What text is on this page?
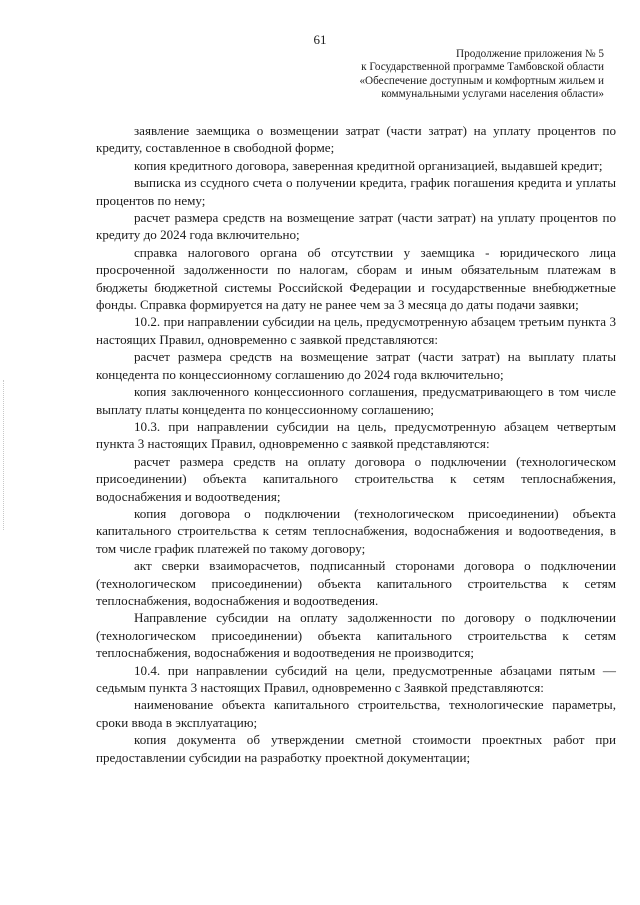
61
Продолжение приложения № 5
к Государственной программе Тамбовской области
«Обеспечение доступным и комфортным жильем и
коммунальными услугами населения области»

заявление заемщика о возмещении затрат (части затрат) на уплату процентов по кредиту, составленное в свободной форме;

копия кредитного договора, заверенная кредитной организацией, выдавшей кредит;

выписка из ссудного счета о получении кредита, график погашения кредита и уплаты процентов по нему;

расчет размера средств на возмещение затрат (части затрат) на уплату процентов по кредиту до 2024 года включительно;

справка налогового органа об отсутствии у заемщика - юридического лица просроченной задолженности по налогам, сборам и иным обязательным платежам в бюджеты бюджетной системы Российской Федерации и государственные внебюджетные фонды. Справка формируется на дату не ранее чем за 3 месяца до даты подачи заявки;

10.2. при направлении субсидии на цель, предусмотренную абзацем третьим пункта 3 настоящих Правил, одновременно с заявкой представляются:

расчет размера средств на возмещение затрат (части затрат) на выплату платы концедента по концессионному соглашению до 2024 года включительно;

копия заключенного концессионного соглашения, предусматривающего в том числе выплату платы концедента по концессионному соглашению;

10.3. при направлении субсидии на цель, предусмотренную абзацем четвертым пункта 3 настоящих Правил, одновременно с заявкой представляются:

расчет размера средств на оплату договора о подключении (технологическом присоединении) объекта капитального строительства к сетям теплоснабжения, водоснабжения и водоотведения;

копия договора о подключении (технологическом присоединении) объекта капитального строительства к сетям теплоснабжения, водоснабжения и водоотведения, в том числе график платежей по такому договору;

акт сверки взаиморасчетов, подписанный сторонами договора о подключении (технологическом присоединении) объекта капитального строительства к сетям теплоснабжения, водоснабжения и водоотведения.

Направление субсидии на оплату задолженности по договору о подключении (технологическом присоединении) объекта капитального строительства к сетям теплоснабжения, водоснабжения и водоотведения не производится;

10.4. при направлении субсидий на цели, предусмотренные абзацами пятым — седьмым пункта 3 настоящих Правил, одновременно с Заявкой представляются:

наименование объекта капитального строительства, технологические параметры, сроки ввода в эксплуатацию;

копия документа об утверждении сметной стоимости проектных работ при предоставлении субсидии на разработку проектной документации;
